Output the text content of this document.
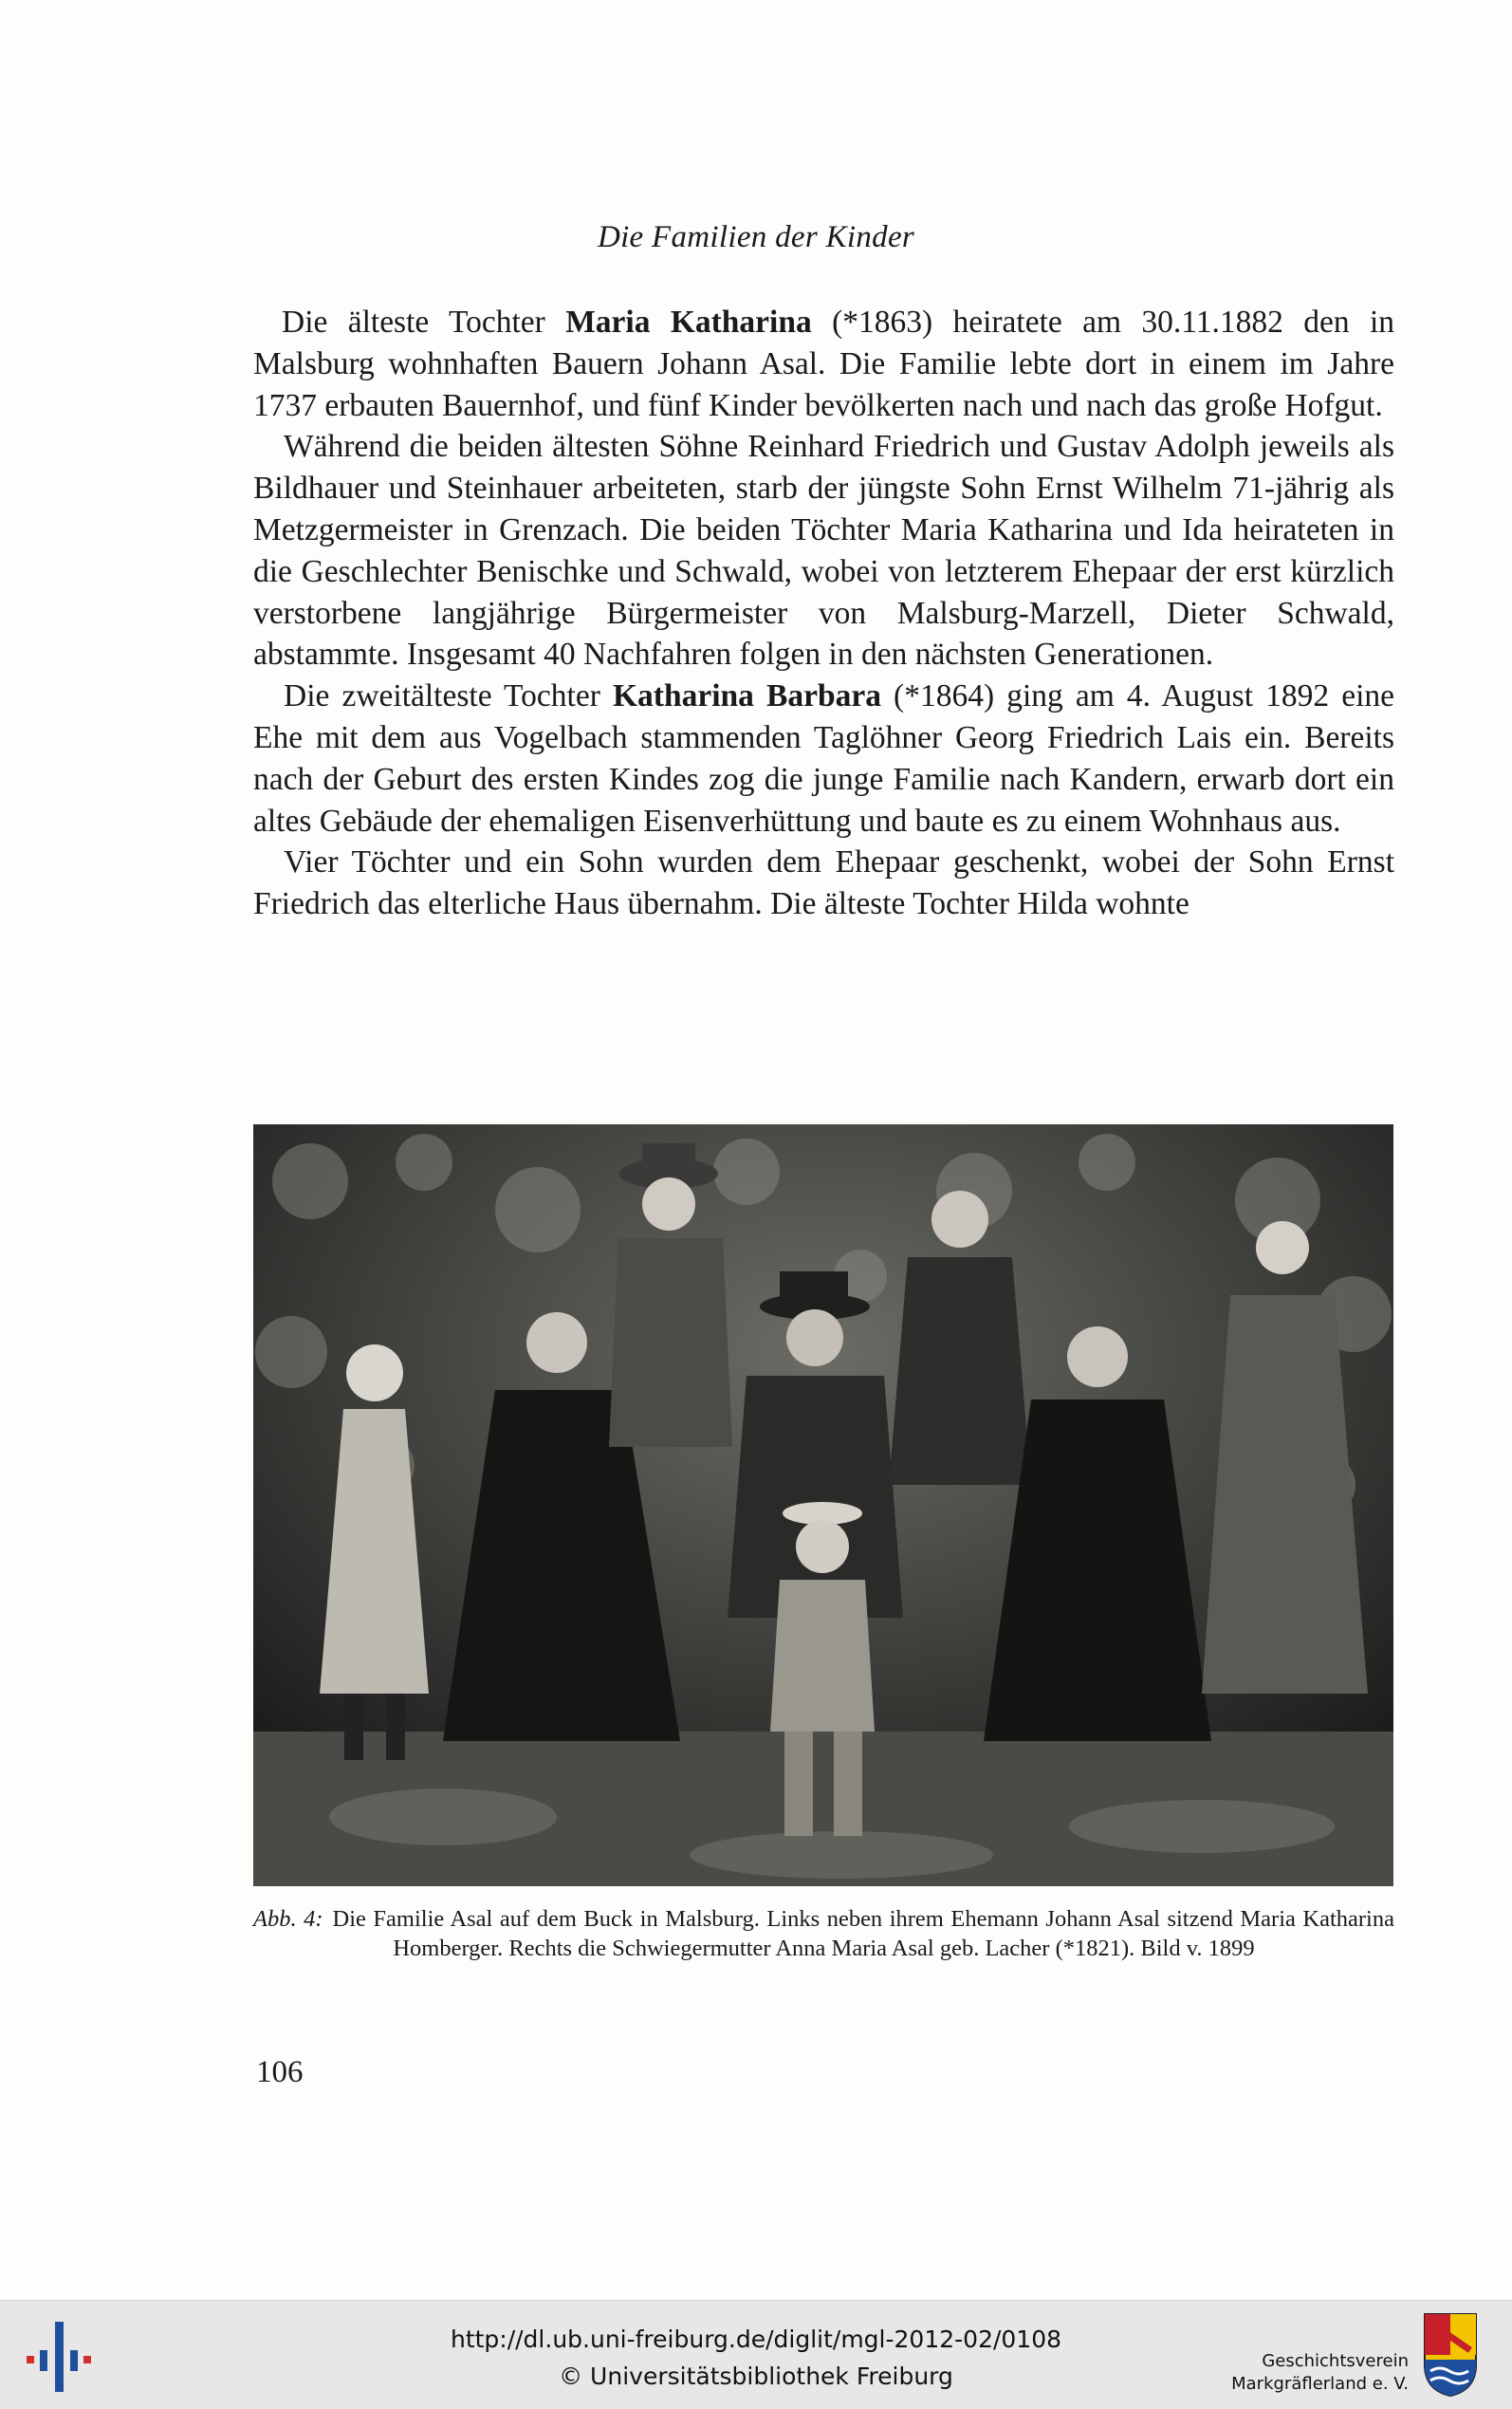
Die Familien der Kinder

Die älteste Tochter Maria Katharina (*1863) heiratete am 30.11.1882 den in Malsburg wohnhaften Bauern Johann Asal. Die Familie lebte dort in einem im Jahre 1737 erbauten Bauernhof, und fünf Kinder bevölkerten nach und nach das große Hofgut.

Während die beiden ältesten Söhne Reinhard Friedrich und Gustav Adolph jeweils als Bildhauer und Steinhauer arbeiteten, starb der jüngste Sohn Ernst Wilhelm 71-jährig als Metzgermeister in Grenzach. Die beiden Töchter Maria Katharina und Ida heirateten in die Geschlechter Benischke und Schwald, wobei von letzterem Ehepaar der erst kürzlich verstorbene langjährige Bürgermeister von Malsburg-Marzell, Dieter Schwald, abstammte. Insgesamt 40 Nachfahren folgen in den nächsten Generationen.

Die zweitälteste Tochter Katharina Barbara (*1864) ging am 4. August 1892 eine Ehe mit dem aus Vogelbach stammenden Taglöhner Georg Friedrich Lais ein. Bereits nach der Geburt des ersten Kindes zog die junge Familie nach Kandern, erwarb dort ein altes Gebäude der ehemaligen Eisenverhüttung und baute es zu einem Wohnhaus aus.

Vier Töchter und ein Sohn wurden dem Ehepaar geschenkt, wobei der Sohn Ernst Friedrich das elterliche Haus übernahm. Die älteste Tochter Hilda wohnte

Abb. 4: Die Familie Asal auf dem Buck in Malsburg. Links neben ihrem Ehemann Johann Asal sitzend Maria Katharina Homberger. Rechts die Schwiegermutter Anna Maria Asal geb. Lacher (*1821). Bild v. 1899
106
http://dl.ub.uni-freiburg.de/diglit/mgl-2012-02/0108
© Universitätsbibliothek Freiburg
Geschichtsverein
Markgräflerland e. V.
